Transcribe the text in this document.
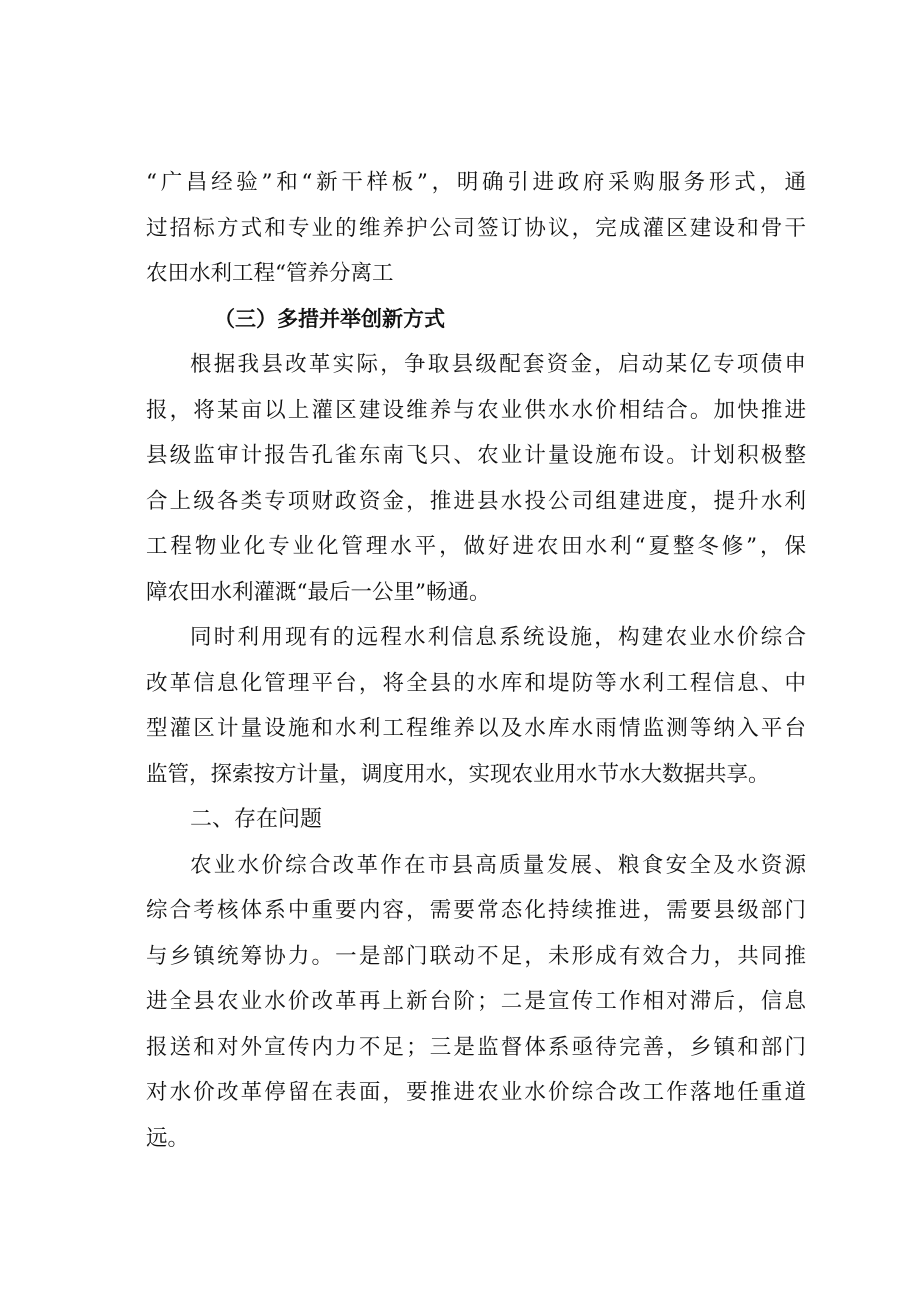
“广昌经验”和“新干样板”，明确引进政府采购服务形式，通
过招标方式和专业的维养护公司签订协议，完成灌区建设和骨干
农田水利工程“管养分离工

（三）多措并举创新方式

根据我县改革实际，争取县级配套资金，启动某亿专项债申
报，将某亩以上灌区建设维养与农业供水水价相结合。加快推进
县级监审计报告孔雀东南飞只、农业计量设施布设。计划积极整
合上级各类专项财政资金，推进县水投公司组建进度，提升水利
工程物业化专业化管理水平，做好进农田水利“夏整冬修”，保
障农田水利灌溉“最后一公里”畅通。

同时利用现有的远程水利信息系统设施，构建农业水价综合
改革信息化管理平台，将全县的水库和堤防等水利工程信息、中
型灌区计量设施和水利工程维养以及水库水雨情监测等纳入平台
监管，探索按方计量，调度用水，实现农业用水节水大数据共享。

二、存在问题

农业水价综合改革作在市县高质量发展、粮食安全及水资源
综合考核体系中重要内容，需要常态化持续推进，需要县级部门
与乡镇统筹协力。一是部门联动不足，未形成有效合力，共同推
进全县农业水价改革再上新台阶；二是宣传工作相对滞后，信息
报送和对外宣传内力不足；三是监督体系亟待完善，乡镇和部门
对水价改革停留在表面，要推进农业水价综合改工作落地任重道
远。
